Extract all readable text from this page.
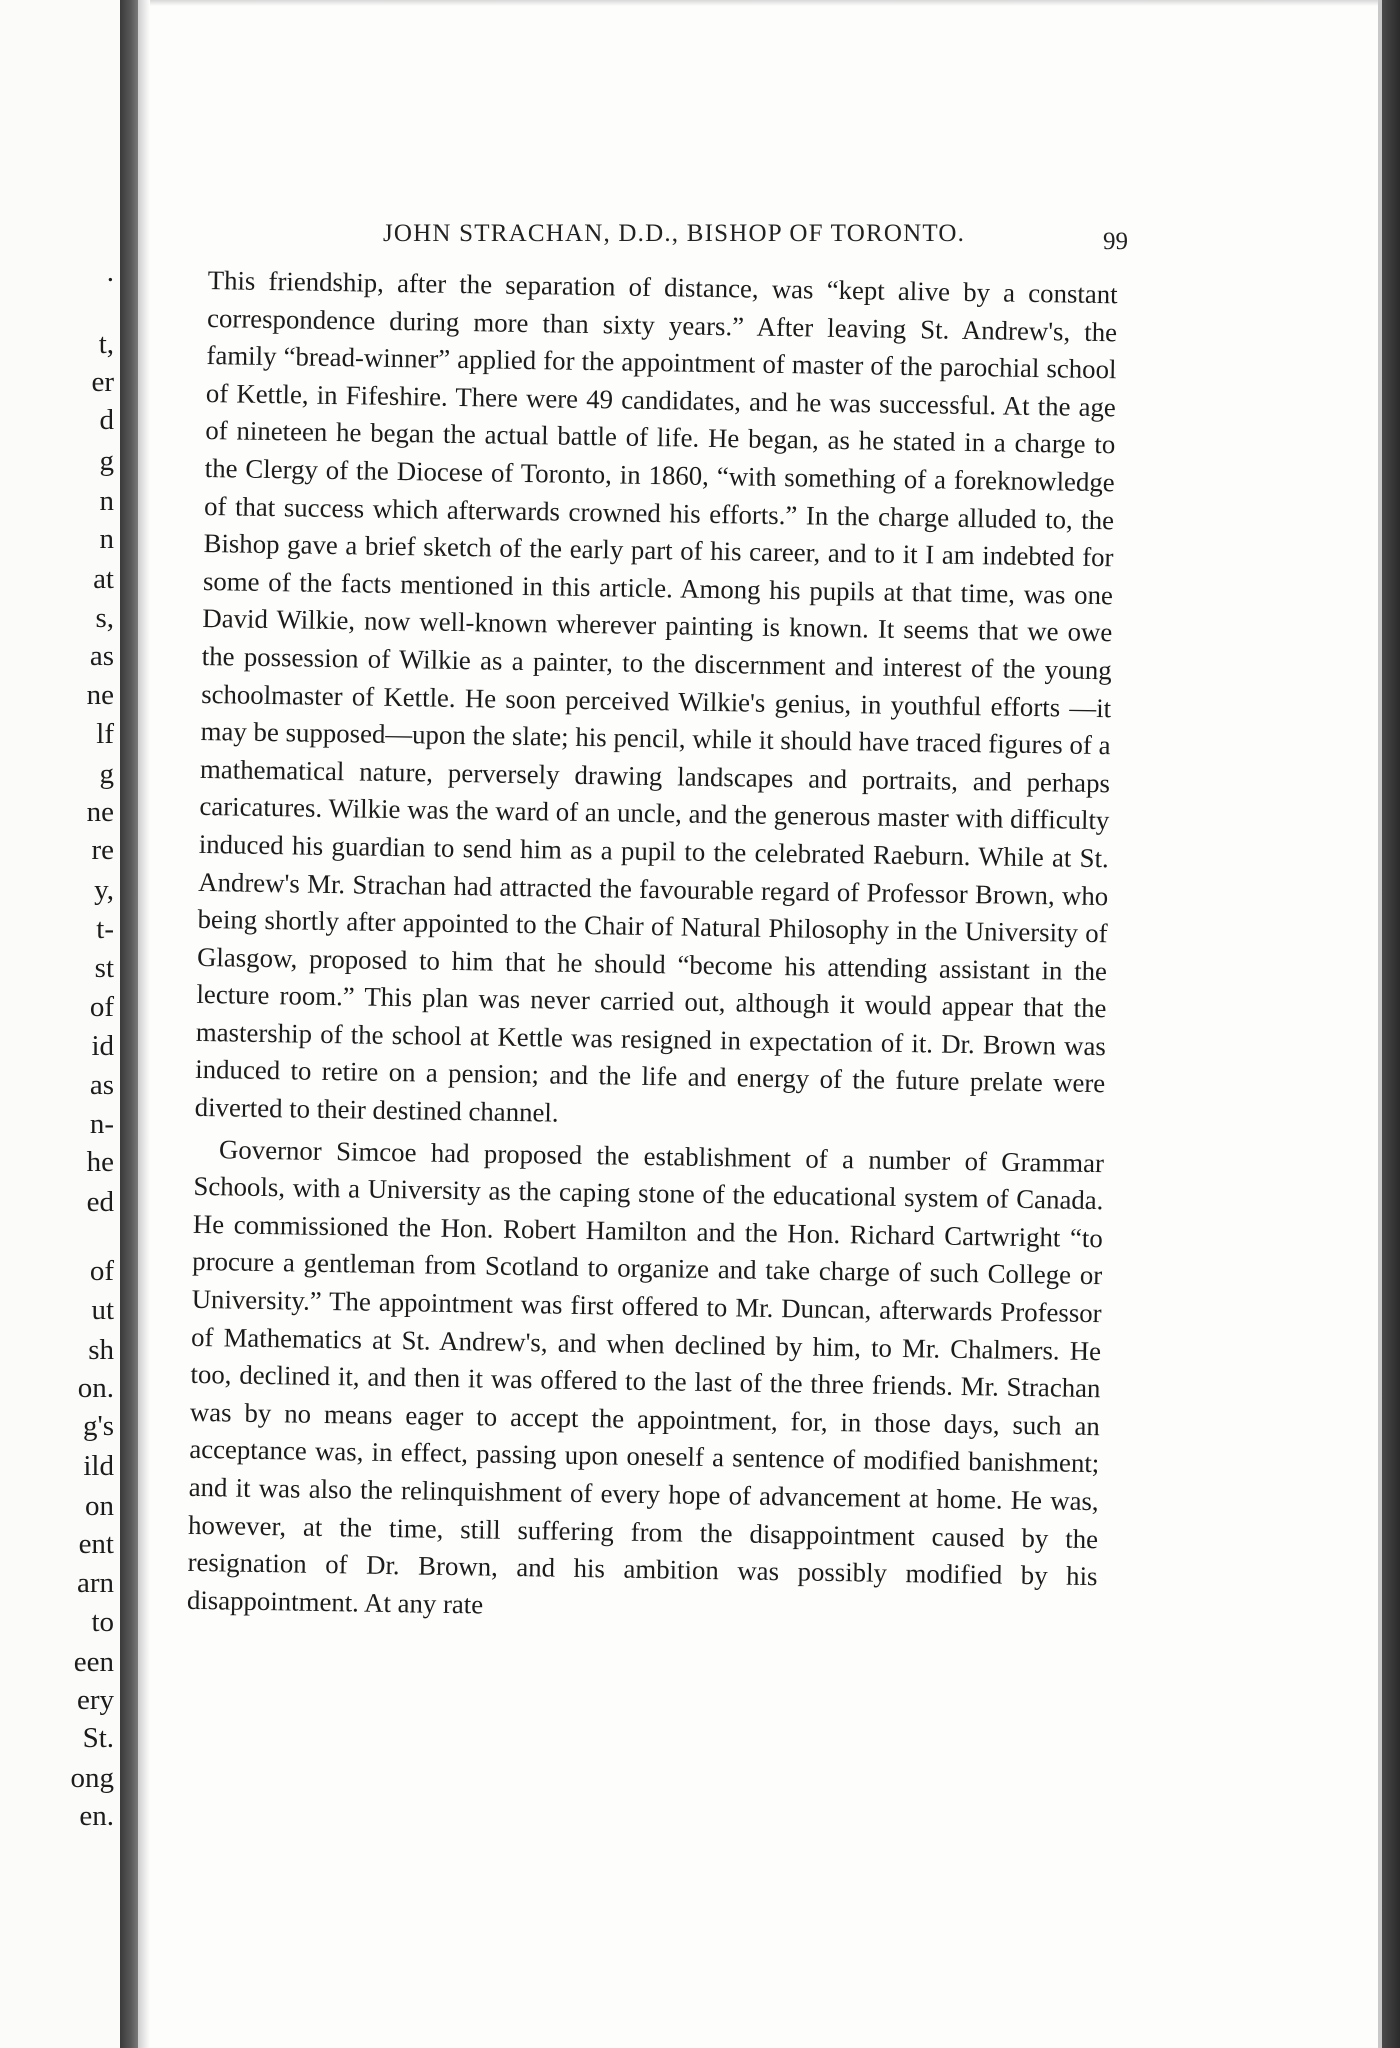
.
t,
er
d
g
n
n
at
s,
as
ne
lf
g
ne
re
y,
t-
st
of
id
as
n-
he
ed
of
ut
sh
on.
g's
ild
on
ent
arn
to
een
ery
St.
ong
en.
JOHN STRACHAN, D.D., BISHOP OF TORONTO.	99

This friendship, after the separation of distance, was “kept alive by a constant correspondence during more than sixty years.” After leaving St. Andrew's, the family “bread-winner” applied for the appointment of master of the parochial school of Kettle, in Fifeshire. There were 49 candidates, and he was successful. At the age of nineteen he began the actual battle of life. He began, as he stated in a charge to the Clergy of the Diocese of Toronto, in 1860, “with something of a foreknowledge of that success which afterwards crowned his efforts.” In the charge alluded to, the Bishop gave a brief sketch of the early part of his career, and to it I am indebted for some of the facts mentioned in this article. Among his pupils at that time, was one David Wilkie, now well-known wherever painting is known. It seems that we owe the possession of Wilkie as a painter, to the discernment and interest of the young schoolmaster of Kettle. He soon perceived Wilkie's genius, in youthful efforts —it may be supposed—upon the slate; his pencil, while it should have traced figures of a mathematical nature, perversely drawing landscapes and portraits, and perhaps caricatures. Wilkie was the ward of an uncle, and the generous master with difficulty induced his guardian to send him as a pupil to the celebrated Raeburn. While at St. Andrew's Mr. Strachan had attracted the favourable regard of Professor Brown, who being shortly after appointed to the Chair of Natural Philosophy in the University of Glasgow, proposed to him that he should “become his attending assistant in the lecture room.” This plan was never carried out, although it would appear that the mastership of the school at Kettle was resigned in expectation of it. Dr. Brown was induced to retire on a pension; and the life and energy of the future prelate were diverted to their destined channel.

Governor Simcoe had proposed the establishment of a number of Grammar Schools, with a University as the caping stone of the educational system of Canada. He commissioned the Hon. Robert Hamilton and the Hon. Richard Cartwright “to procure a gentleman from Scotland to organize and take charge of such College or University.” The appointment was first offered to Mr. Duncan, afterwards Professor of Mathematics at St. Andrew's, and when declined by him, to Mr. Chalmers. He too, declined it, and then it was offered to the last of the three friends. Mr. Strachan was by no means eager to accept the appointment, for, in those days, such an acceptance was, in effect, passing upon oneself a sentence of modified banishment; and it was also the relinquishment of every hope of advancement at home. He was, however, at the time, still suffering from the disappointment caused by the resignation of Dr. Brown, and his ambition was possibly modified by his disappointment. At any rate
